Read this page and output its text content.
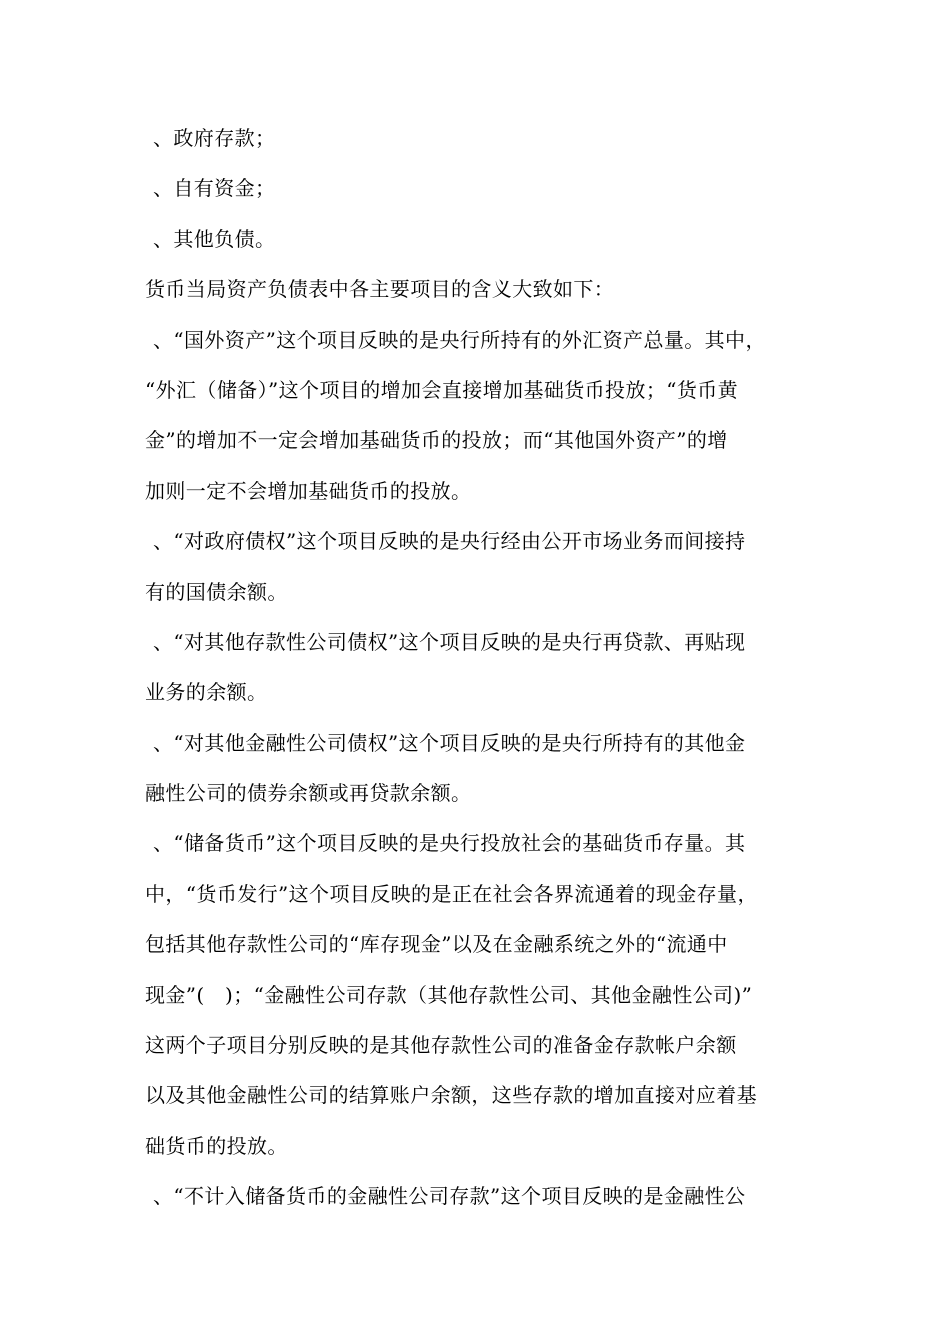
、政府存款；
、自有资金；
、其他负债。
货币当局资产负债表中各主要项目的含义大致如下：
、“国外资产”这个项目反映的是央行所持有的外汇资产总量。其中，
“外汇（储备）”这个项目的增加会直接增加基础货币投放；“货币黄
金”的增加不一定会增加基础货币的投放；而“其他国外资产”的增
加则一定不会增加基础货币的投放。
、“对政府债权”这个项目反映的是央行经由公开市场业务而间接持
有的国债余额。
、“对其他存款性公司债权”这个项目反映的是央行再贷款、再贴现
业务的余额。
、“对其他金融性公司债权”这个项目反映的是央行所持有的其他金
融性公司的债券余额或再贷款余额。
、“储备货币”这个项目反映的是央行投放社会的基础货币存量。其
中，“货币发行”这个项目反映的是正在社会各界流通着的现金存量，
包括其他存款性公司的“库存现金”以及在金融系统之外的“流通中
现金”(　)；“金融性公司存款（其他存款性公司、其他金融性公司)”
这两个子项目分别反映的是其他存款性公司的准备金存款帐户余额
以及其他金融性公司的结算账户余额，这些存款的增加直接对应着基
础货币的投放。
、“不计入储备货币的金融性公司存款”这个项目反映的是金融性公
